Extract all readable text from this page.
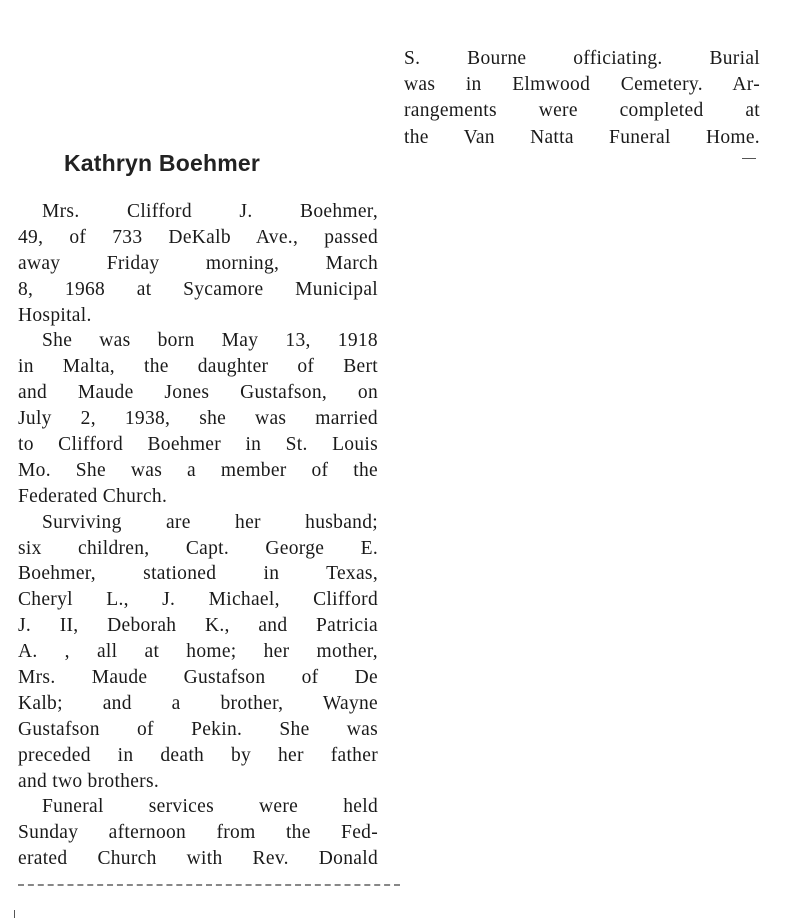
S. Bourne officiating. Burial
was in Elmwood Cemetery. Ar-
rangements were completed at
the Van Natta Funeral Home.
Kathryn Boehmer
Mrs. Clifford J. Boehmer,
49, of 733 DeKalb Ave., passed
away Friday morning, March
8, 1968 at Sycamore Municipal
Hospital.
She was born May 13, 1918
in Malta, the daughter of Bert
and Maude Jones Gustafson, on
July 2, 1938, she was married
to Clifford Boehmer in St. Louis
Mo. She was a member of the
Federated Church.
Surviving are her husband;
six children, Capt. George E.
Boehmer, stationed in Texas,
Cheryl L., J. Michael, Clifford
J. II, Deborah K., and Patricia
A. , all at home; her mother,
Mrs. Maude Gustafson of De
Kalb; and a brother, Wayne
Gustafson of Pekin. She was
preceded in death by her father
and two brothers.
Funeral services were held
Sunday afternoon from the Fed-
erated Church with Rev. Donald
